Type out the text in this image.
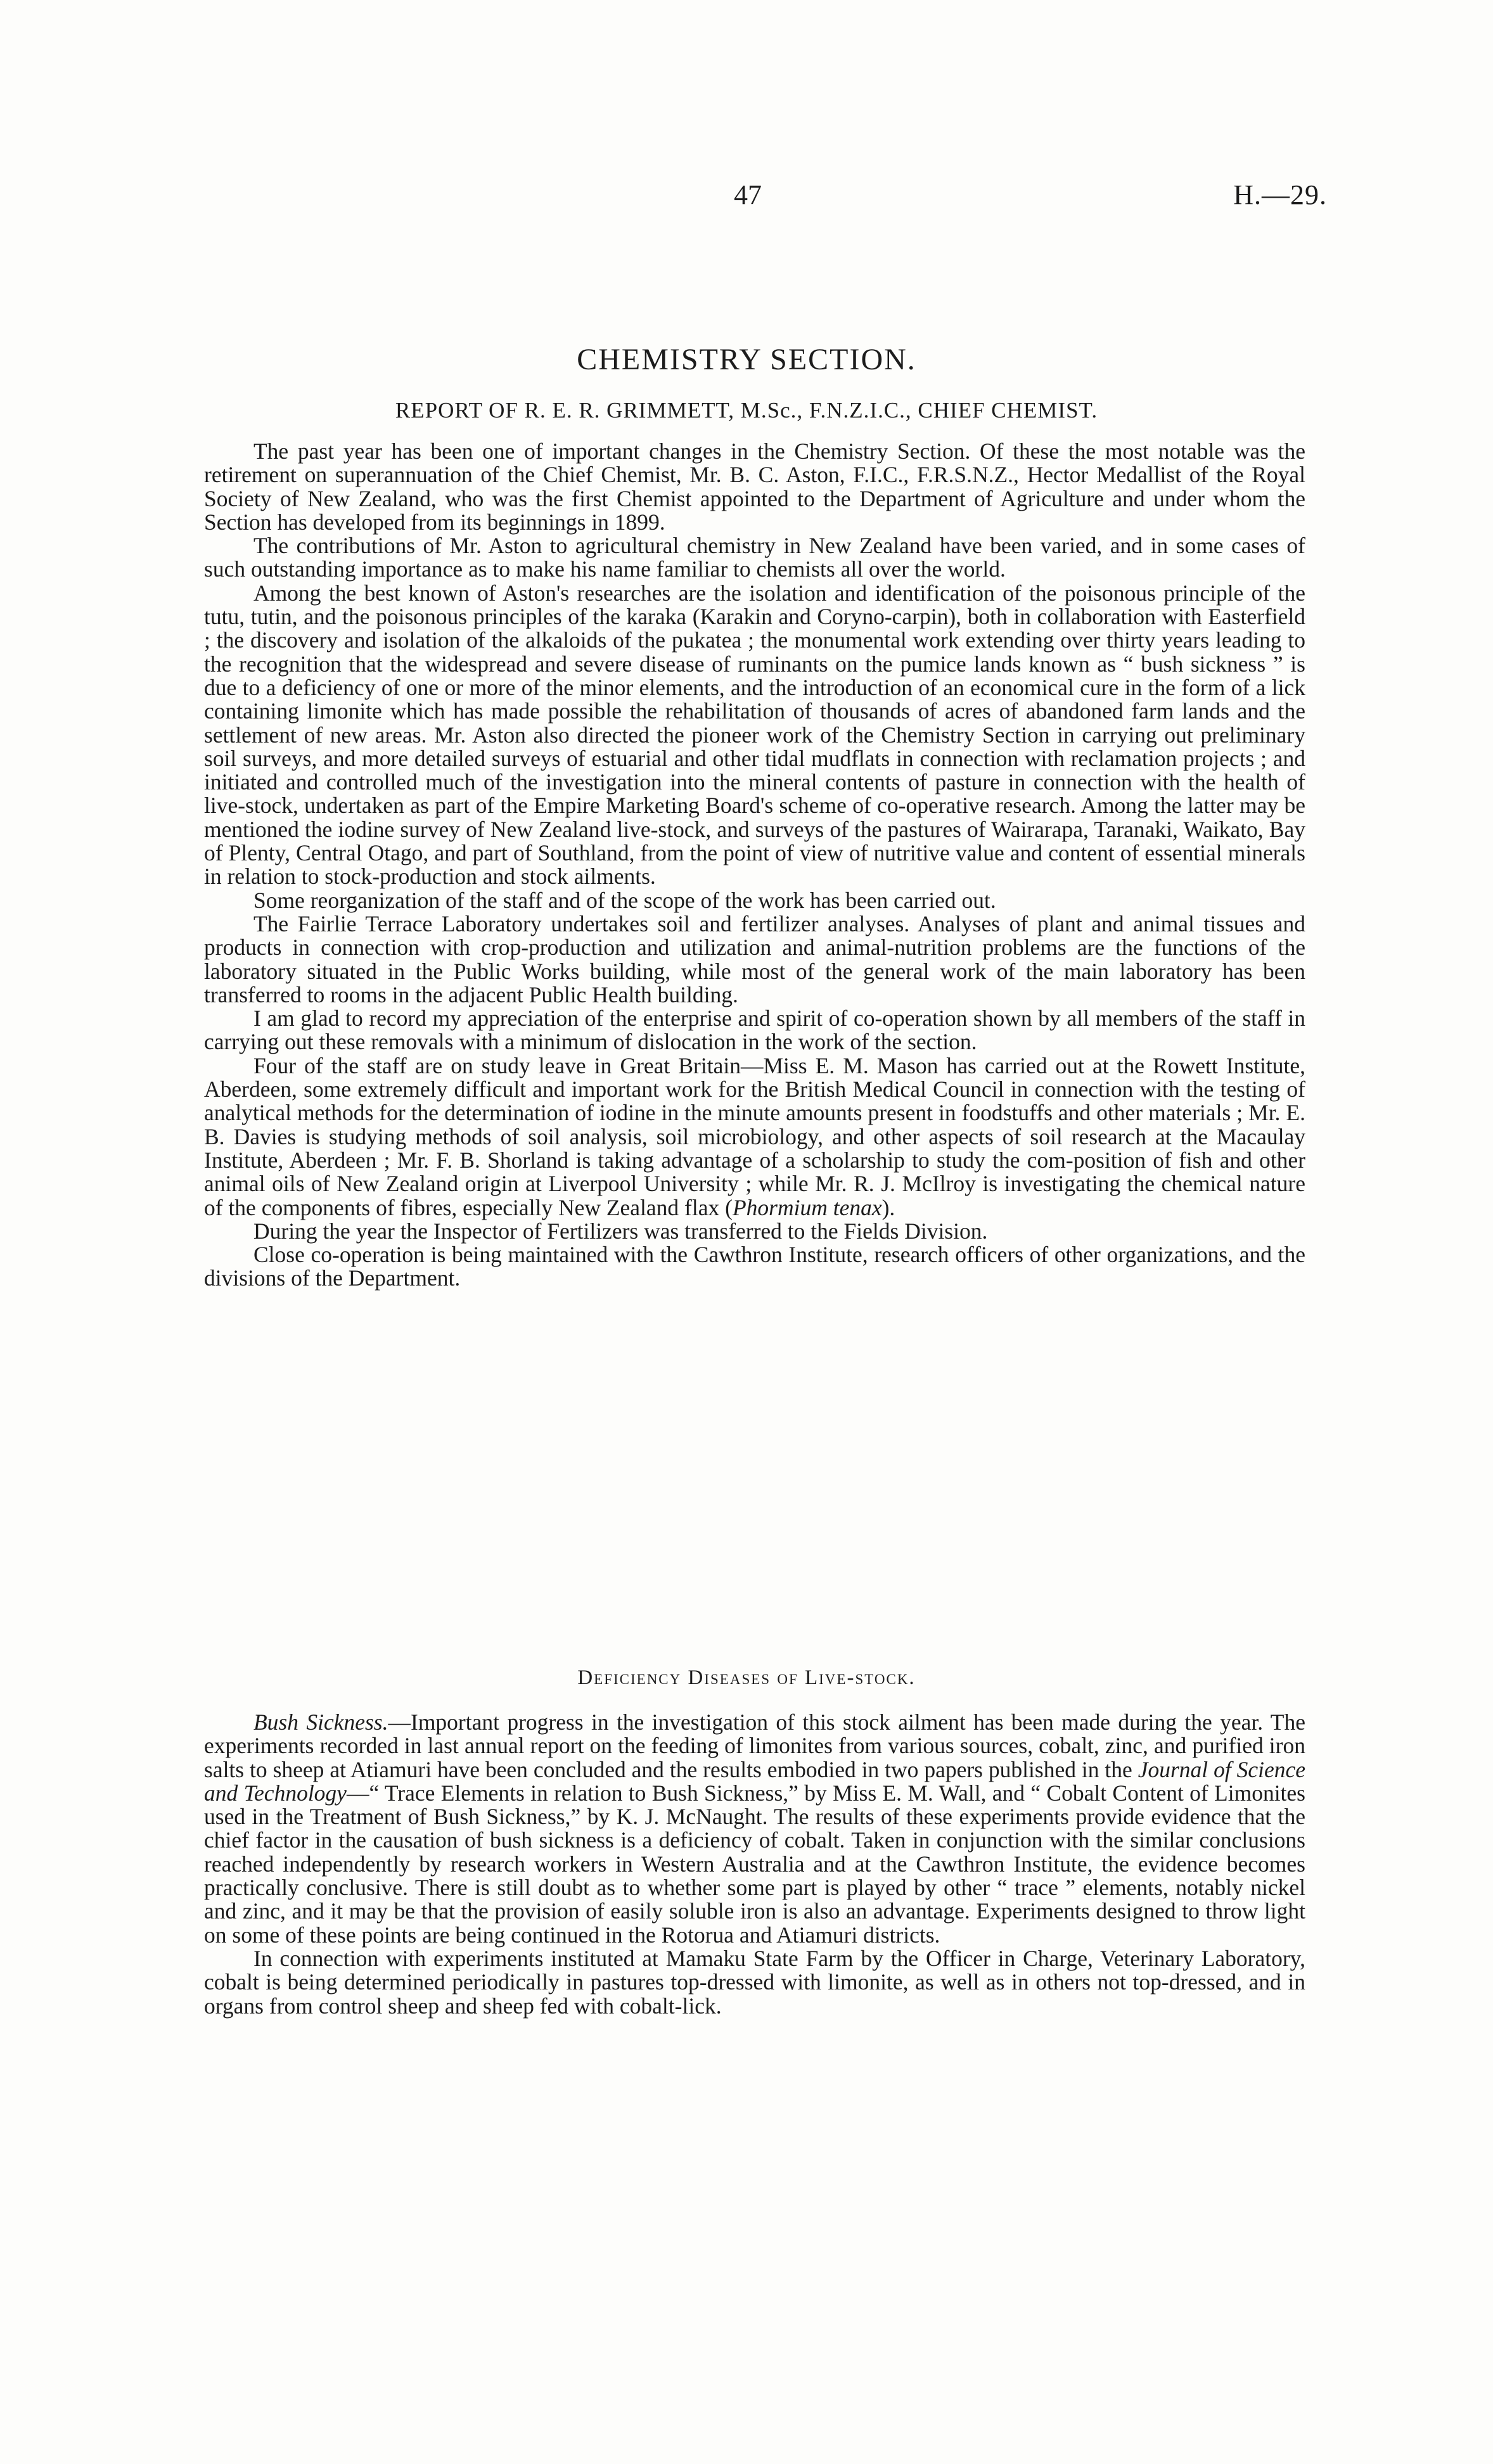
47	H.—29.
CHEMISTRY SECTION.
REPORT OF R. E. R. GRIMMETT, M.Sc., F.N.Z.I.C., CHIEF CHEMIST.

The past year has been one of important changes in the Chemistry Section. Of these the most notable was the retirement on superannuation of the Chief Chemist, Mr. B. C. Aston, F.I.C., F.R.S.N.Z., Hector Medallist of the Royal Society of New Zealand, who was the first Chemist appointed to the Department of Agriculture and under whom the Section has developed from its beginnings in 1899.

The contributions of Mr. Aston to agricultural chemistry in New Zealand have been varied, and in some cases of such outstanding importance as to make his name familiar to chemists all over the world.

Among the best known of Aston's researches are the isolation and identification of the poisonous principle of the tutu, tutin, and the poisonous principles of the karaka (Karakin and Coryno-carpin), both in collaboration with Easterfield ; the discovery and isolation of the alkaloids of the pukatea ; the monumental work extending over thirty years leading to the recognition that the widespread and severe disease of ruminants on the pumice lands known as “ bush sickness ” is due to a deficiency of one or more of the minor elements, and the introduction of an economical cure in the form of a lick containing limonite which has made possible the rehabilitation of thousands of acres of abandoned farm lands and the settlement of new areas. Mr. Aston also directed the pioneer work of the Chemistry Section in carrying out preliminary soil surveys, and more detailed surveys of estuarial and other tidal mudflats in connection with reclamation projects ; and initiated and controlled much of the investigation into the mineral contents of pasture in connection with the health of live-stock, undertaken as part of the Empire Marketing Board's scheme of co-operative research. Among the latter may be mentioned the iodine survey of New Zealand live-stock, and surveys of the pastures of Wairarapa, Taranaki, Waikato, Bay of Plenty, Central Otago, and part of Southland, from the point of view of nutritive value and content of essential minerals in relation to stock-production and stock ailments.

Some reorganization of the staff and of the scope of the work has been carried out.

The Fairlie Terrace Laboratory undertakes soil and fertilizer analyses. Analyses of plant and animal tissues and products in connection with crop-production and utilization and animal-nutrition problems are the functions of the laboratory situated in the Public Works building, while most of the general work of the main laboratory has been transferred to rooms in the adjacent Public Health building.

I am glad to record my appreciation of the enterprise and spirit of co-operation shown by all members of the staff in carrying out these removals with a minimum of dislocation in the work of the section.

Four of the staff are on study leave in Great Britain—Miss E. M. Mason has carried out at the Rowett Institute, Aberdeen, some extremely difficult and important work for the British Medical Council in connection with the testing of analytical methods for the determination of iodine in the minute amounts present in foodstuffs and other materials ; Mr. E. B. Davies is studying methods of soil analysis, soil microbiology, and other aspects of soil research at the Macaulay Institute, Aberdeen ; Mr. F. B. Shorland is taking advantage of a scholarship to study the com-position of fish and other animal oils of New Zealand origin at Liverpool University ; while Mr. R. J. McIlroy is investigating the chemical nature of the components of fibres, especially New Zealand flax (Phormium tenax).

During the year the Inspector of Fertilizers was transferred to the Fields Division.

Close co-operation is being maintained with the Cawthron Institute, research officers of other organizations, and the divisions of the Department.

Deficiency Diseases of Live-stock.

Bush Sickness.—Important progress in the investigation of this stock ailment has been made during the year. The experiments recorded in last annual report on the feeding of limonites from various sources, cobalt, zinc, and purified iron salts to sheep at Atiamuri have been concluded and the results embodied in two papers published in the Journal of Science and Technology—“ Trace Elements in relation to Bush Sickness,” by Miss E. M. Wall, and “ Cobalt Content of Limonites used in the Treatment of Bush Sickness,” by K. J. McNaught. The results of these experiments provide evidence that the chief factor in the causation of bush sickness is a deficiency of cobalt. Taken in conjunction with the similar conclusions reached independently by research workers in Western Australia and at the Cawthron Institute, the evidence becomes practically conclusive. There is still doubt as to whether some part is played by other “ trace ” elements, notably nickel and zinc, and it may be that the provision of easily soluble iron is also an advantage. Experiments designed to throw light on some of these points are being continued in the Rotorua and Atiamuri districts.

In connection with experiments instituted at Mamaku State Farm by the Officer in Charge, Veterinary Laboratory, cobalt is being determined periodically in pastures top-dressed with limonite, as well as in others not top-dressed, and in organs from control sheep and sheep fed with cobalt-lick.
